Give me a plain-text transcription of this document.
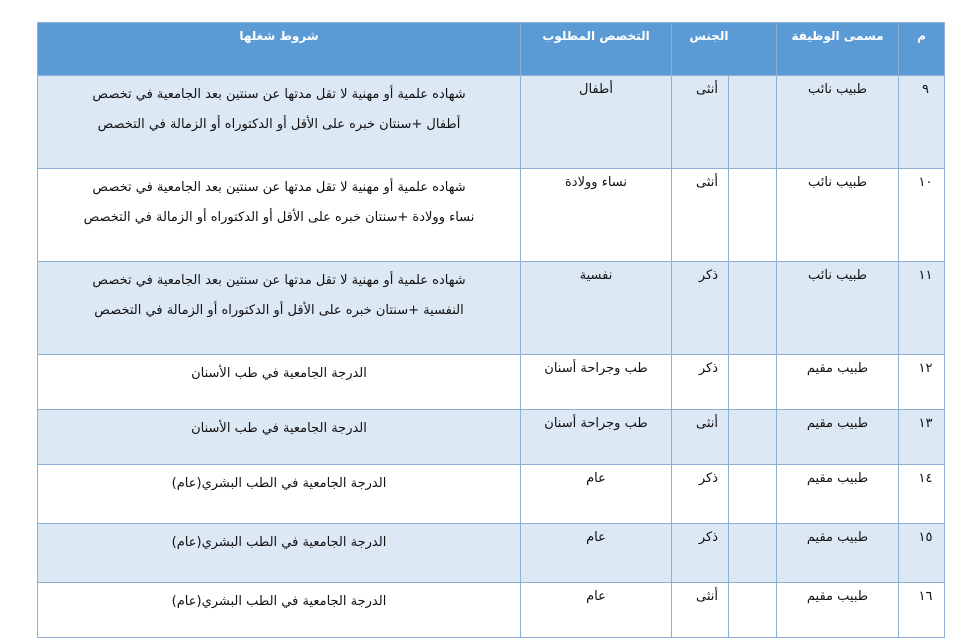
م	مسمى الوظيفة		الجنس	التخصص المطلوب	شروط شغلها
٩	طبيب نائب		أنثى	أطفال	شهاده علمية أو مهنية لا تقل مدتها عن سنتين بعد الجامعية في تخصص
أطفال +سنتان خبره على الأقل أو الدكتوراه أو الزمالة في التخصص

١٠	طبيب نائب		أنثى	نساء وولادة	شهاده علمية أو مهنية لا تقل مدتها عن سنتين بعد الجامعية في تخصص
نساء وولادة +سنتان خبره على الأقل أو الدكتوراه أو الزمالة في التخصص

١١	طبيب نائب		ذكر	نفسية	شهاده علمية أو مهنية لا تقل مدتها عن سنتين بعد الجامعية في تخصص
النفسية +سنتان خبره على الأقل أو الدكتوراه أو الزمالة في التخصص

١٢	طبيب مقيم		ذكر	طب وجراحة أسنان	الدرجة الجامعية في طب الأسنان

١٣	طبيب مقيم		أنثى	طب وجراحة أسنان	الدرجة الجامعية في طب الأسنان

١٤	طبيب مقيم		ذكر	عام	الدرجة الجامعية في الطب البشري(عام)

١٥	طبيب مقيم		ذكر	عام	الدرجة الجامعية في الطب البشري(عام)

١٦	طبيب مقيم		أنثى	عام	الدرجة الجامعية في الطب البشري(عام)
